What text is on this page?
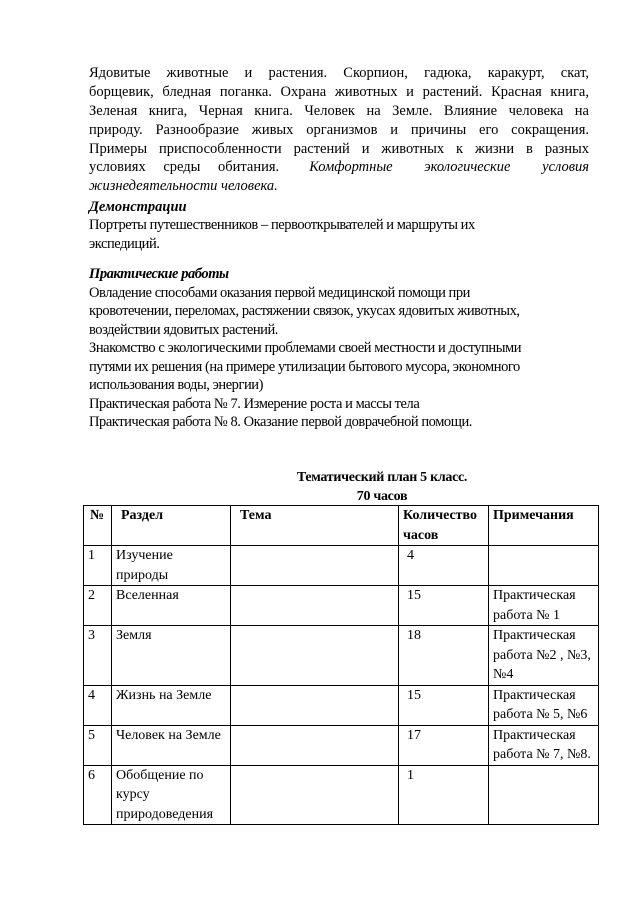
Ядовитые животные и растения. Скорпион, гадюка, каракурт, скат,
борщевик, бледная поганка. Охрана животных и растений. Красная книга,
Зеленая книга, Черная книга. Человек на Земле. Влияние человека на
природу. Разнообразие живых организмов и причины его сокращения.
Примеры приспособленности растений и животных к жизни в разных
условиях среды обитания. Комфортные экологические условия
жизнедеятельности человека.
Демонстрации
Портреты путешественников – первооткрывателей и маршруты их
экспедиций.
Практические работы
Овладение способами оказания первой медицинской помощи при
кровотечении, переломах, растяжении связок, укусах ядовитых животных,
воздействии ядовитых растений.
Знакомство с экологическими проблемами своей местности и доступными
путями их решения (на примере утилизации бытового мусора, экономного
использования воды, энергии)
Практическая работа № 7. Измерение роста и массы тела
Практическая работа № 8. Оказание первой доврачебной помощи.
Тематический план 5 класс.
70 часов
№	Раздел	Тема	Количество часов	Примечания
1	Изучение природы		4	
2	Вселенная		15	Практическая работа № 1
3	Земля		18	Практическая работа №2 , №3, №4
4	Жизнь на Земле		15	Практическая работа № 5, №6
5	Человек на Земле		17	Практическая работа № 7, №8.
6	Обобщение по курсу природоведения		1	
